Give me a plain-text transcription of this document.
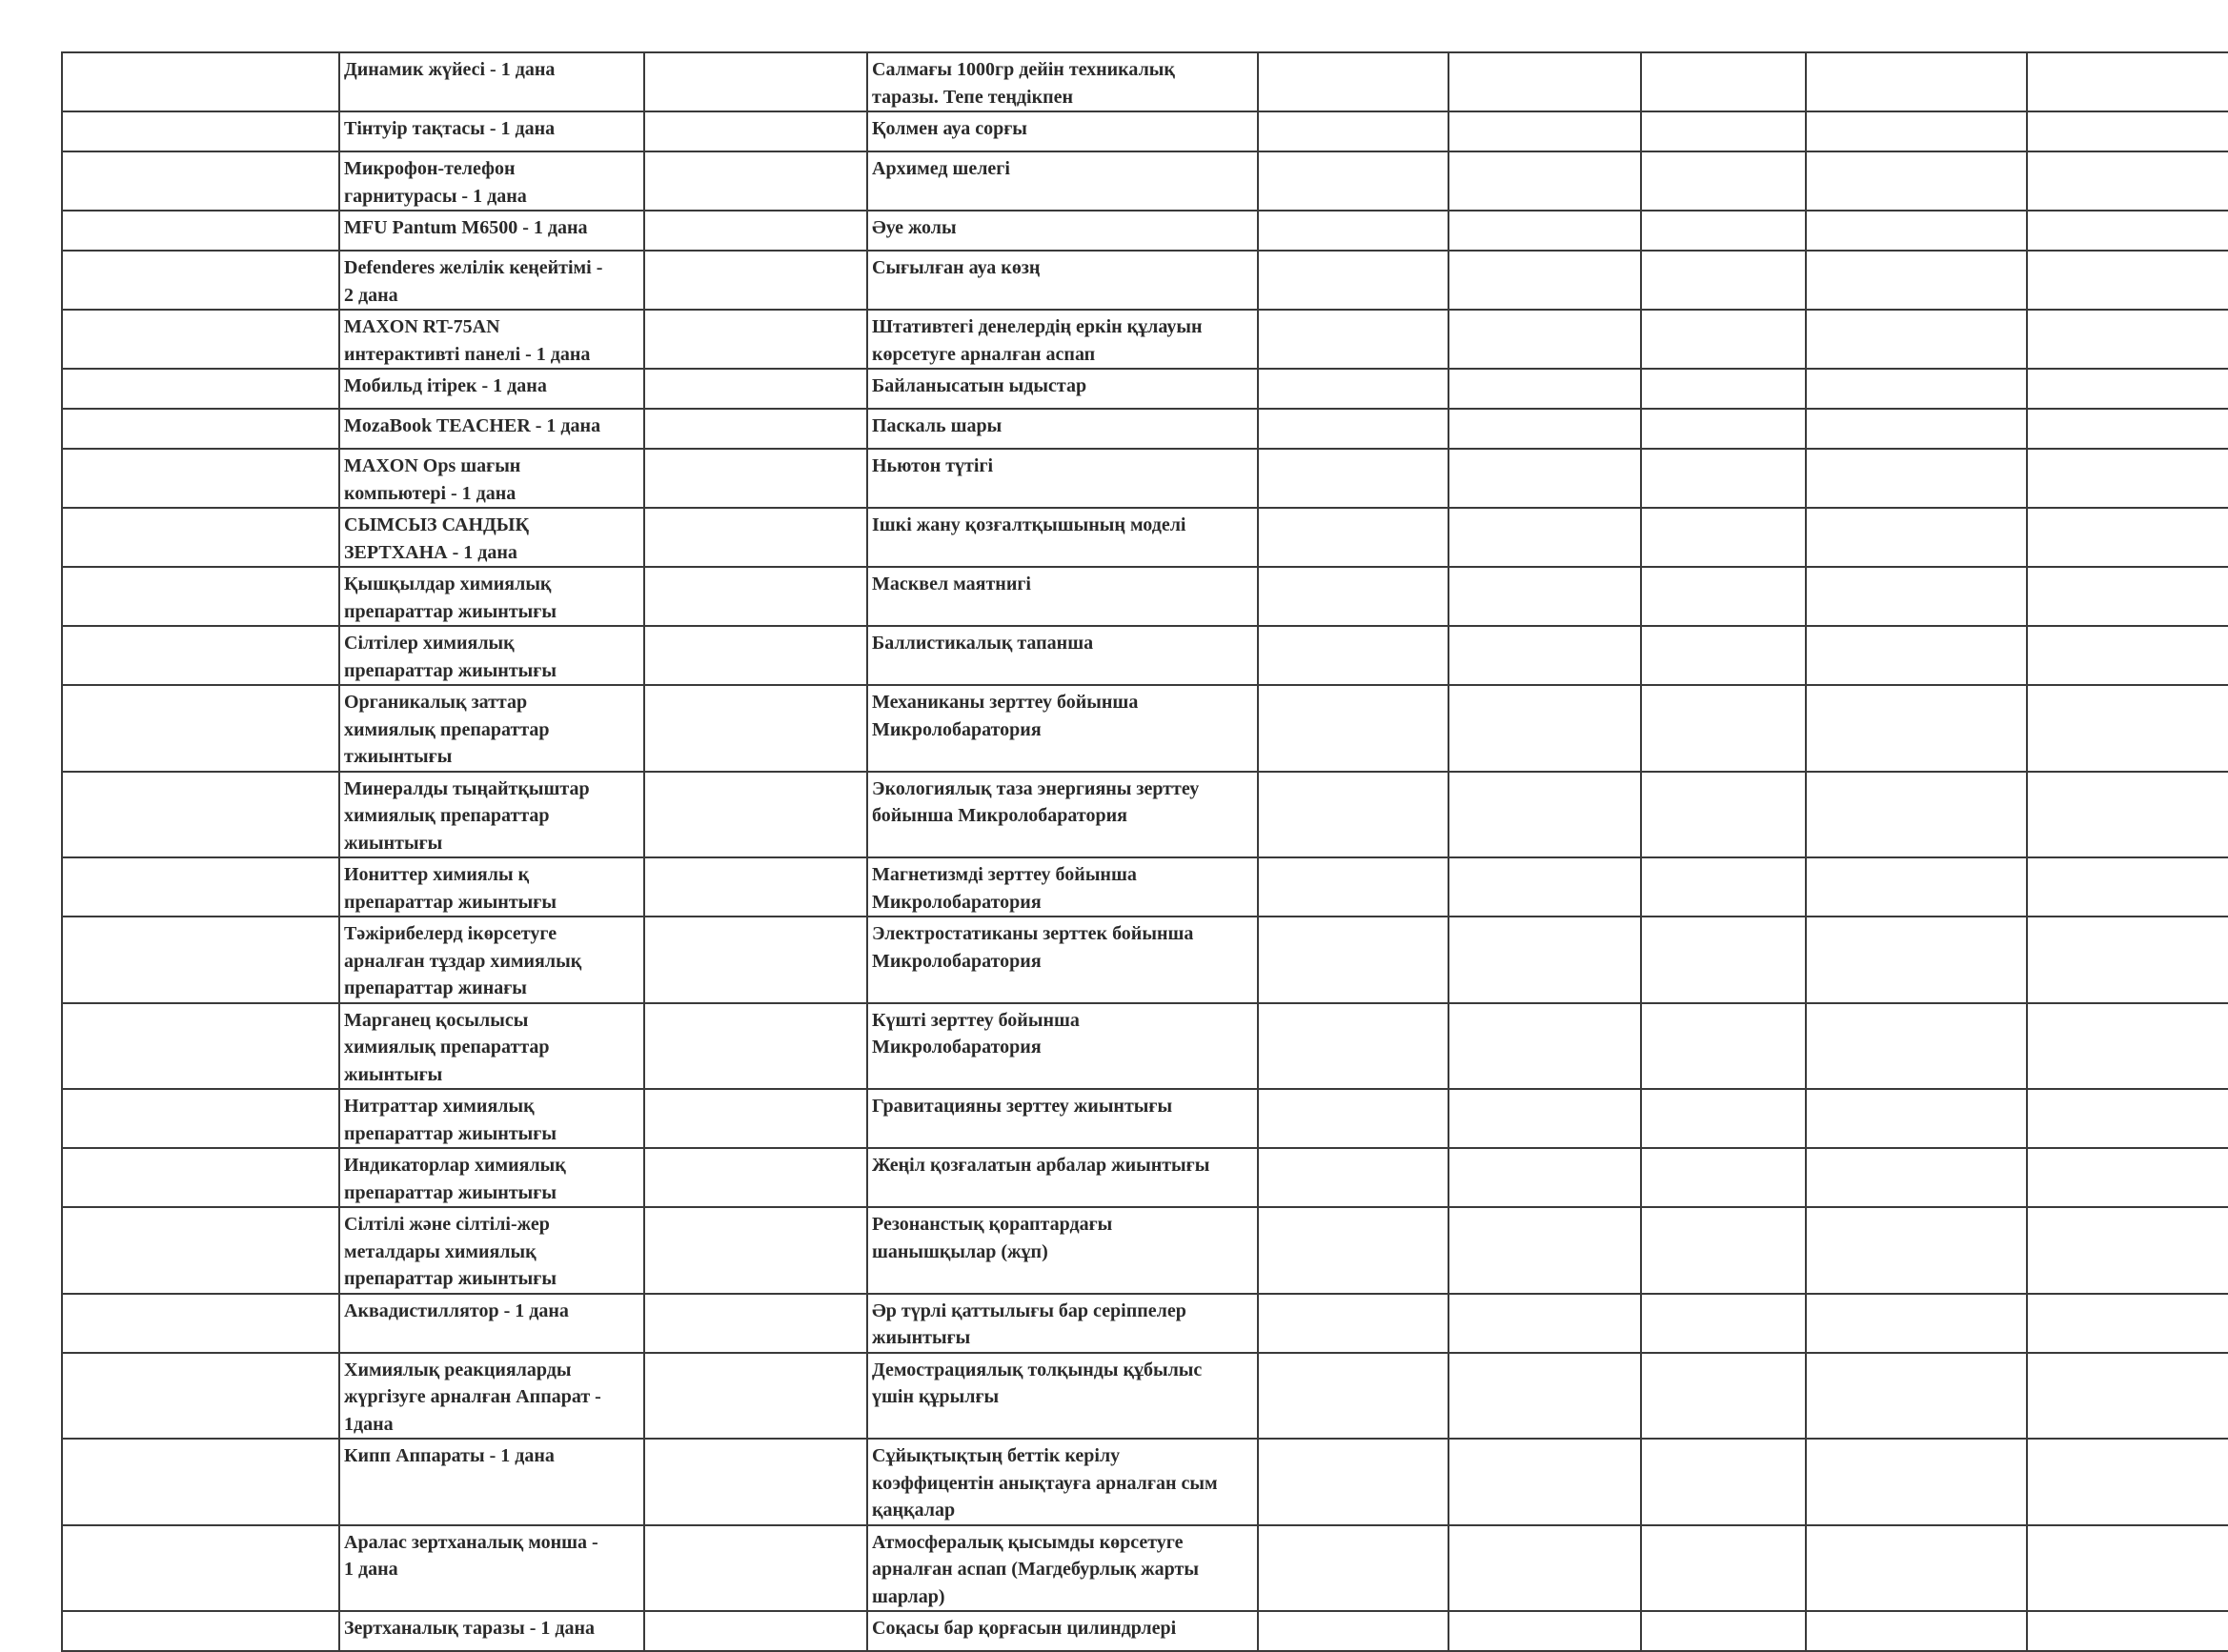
	Динамик жүйесі - 1 дана		Салмағы 1000гр дейін техникалық
таразы. Тепе теңдікпен					

	Тінтуір тақтасы - 1 дана		Қолмен ауа сорғы					

	Микрофон-телефон
гарнитурасы - 1 дана		Архимед шелегі					

	MFU Pantum M6500 - 1 дана		Әуе жолы					

	Defenderes желілік кеңейтімі -
2 дана		Сығылған ауа көзң					

	MAXON RT-75AN
интерактивті панелі - 1 дана		Штативтегі денелердің еркін құлауын
көрсетуге арналған аспап					

	Мобильд ітірек - 1 дана		Байланысатын ыдыстар					

	MozaBook TEACHER - 1 дана		Паскаль шары					

	MAXON Ops шағын
компьютері - 1 дана		Ньютон түтігі					

	СЫМСЫЗ САНДЫҚ
ЗЕРТХАНА - 1 дана		Ішкі жану қозғалтқышының моделі					

	Қышқылдар химиялық
препараттар жиынтығы		Масквел маятнигі					

	Сілтілер химиялық
препараттар жиынтығы		Баллистикалық тапанша					

	Органикалық заттар
химиялық препараттар
тжиынтығы		Механиканы зерттеу бойынша
Микролобаратория					

	Минералды тыңайтқыштар
химиялық препараттар
жиынтығы		Экологиялық таза энергияны зерттеу
бойынша Микролобаратория					

	Иониттер химиялы қ
препараттар жиынтығы		Магнетизмді зерттеу бойынша
Микролобаратория					

	Тәжірибелерд ікөрсетуге
арналған тұздар химиялық
препараттар жинағы		Электростатиканы зерттек бойынша
Микролобаратория					

	Марганец қосылысы
химиялық препараттар
жиынтығы		Күшті зерттеу бойынша
Микролобаратория					

	Нитраттар химиялық
препараттар жиынтығы		Гравитацияны зерттеу жиынтығы					

	Индикаторлар химиялық
препараттар жиынтығы		Жеңіл қозғалатын арбалар жиынтығы					

	Сілтілі және сілтілі-жер
металдары химиялық
препараттар жиынтығы		Резонанстық қораптардағы
шанышқылар (жұп)					

	Аквадистиллятор - 1 дана		Әр түрлі қаттылығы бар серіппелер
жиынтығы					

	Химиялық реакцияларды
жүргізуге арналған Аппарат -
1дана		Демострациялық толқынды құбылыс
үшін құрылғы					

	Кипп Аппараты - 1 дана		Сұйықтықтың беттік керілу
коэффицентін анықтауға арналған сым
қаңқалар					

	Аралас зертханалық монша -
1 дана		Атмосфералық қысымды көрсетуге
арналған аспап (Магдебурлық жарты
шарлар)					

	Зертханалық таразы - 1 дана		Соқасы бар қорғасын цилиндрлері					
